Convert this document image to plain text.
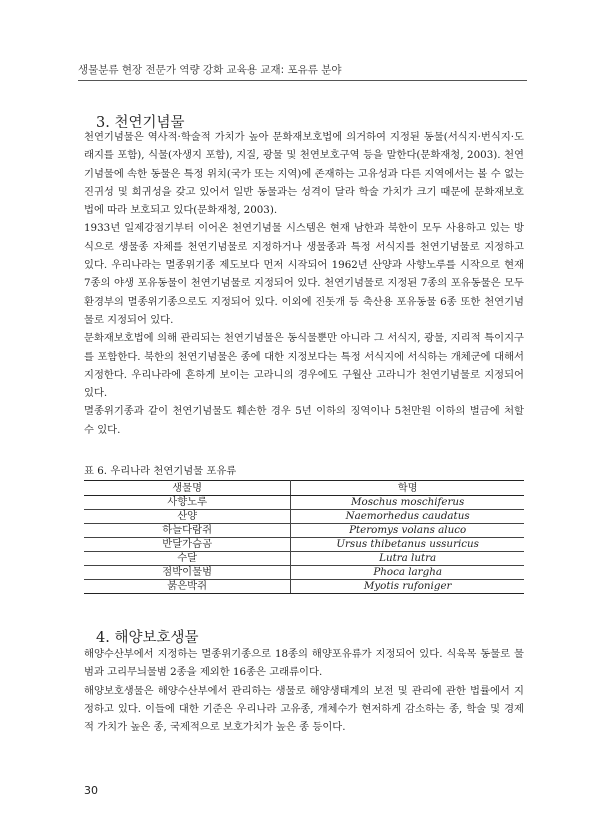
생물분류 현장 전문가 역량 강화 교육용 교재: 포유류 분야
3. 천연기념물

천연기념물은 역사적·학술적 가치가 높아 문화재보호법에 의거하여 지정된 동물(서식지·번식지·도래지를 포함), 식물(자생지 포함), 지질, 광물 및 천연보호구역 등을 말한다(문화재청, 2003). 천연기념물에 속한 동물은 특정 위치(국가 또는 지역)에 존재하는 고유성과 다른 지역에서는 볼 수 없는 진귀성 및 희귀성을 갖고 있어서 일반 동물과는 성격이 달라 학술 가치가 크기 때문에 문화재보호법에 따라 보호되고 있다(문화재청, 2003).

1933년 일제강점기부터 이어온 천연기념물 시스템은 현재 남한과 북한이 모두 사용하고 있는 방식으로 생물종 자체를 천연기념물로 지정하거나 생물종과 특정 서식지를 천연기념물로 지정하고 있다. 우리나라는 멸종위기종 제도보다 먼저 시작되어 1962년 산양과 사향노루를 시작으로 현재 7종의 야생 포유동물이 천연기념물로 지정되어 있다. 천연기념물로 지정된 7종의 포유동물은 모두 환경부의 멸종위기종으로도 지정되어 있다. 이외에 진돗개 등 축산용 포유동물 6종 또한 천연기념물로 지정되어 있다.

문화재보호법에 의해 관리되는 천연기념물은 동식물뿐만 아니라 그 서식지, 광물, 지리적 특이지구를 포함한다. 북한의 천연기념물은 종에 대한 지정보다는 특정 서식지에 서식하는 개체군에 대해서 지정한다. 우리나라에 흔하게 보이는 고라니의 경우에도 구월산 고라니가 천연기념물로 지정되어 있다.

멸종위기종과 같이 천연기념물도 훼손한 경우 5년 이하의 징역이나 5천만원 이하의 벌금에 처할 수 있다.

표 6. 우리나라 천연기념물 포유류
생물명	학명
사향노루	Moschus moschiferus
산양	Naemorhedus caudatus
하늘다람쥐	Pteromys volans aluco
반달가슴곰	Ursus thibetanus ussuricus
수달	Lutra lutra
점박이물범	Phoca largha
붉은박쥐	Myotis rufoniger
4. 해양보호생물

해양수산부에서 지정하는 멸종위기종으로 18종의 해양포유류가 지정되어 있다. 식육목 동물로 물범과 고리무늬물범 2종을 제외한 16종은 고래류이다.

해양보호생물은 해양수산부에서 관리하는 생물로 해양생태계의 보전 및 관리에 관한 법률에서 지정하고 있다. 이들에 대한 기준은 우리나라 고유종, 개체수가 현저하게 감소하는 종, 학술 및 경제적 가치가 높은 종, 국제적으로 보호가치가 높은 종 등이다.

30
